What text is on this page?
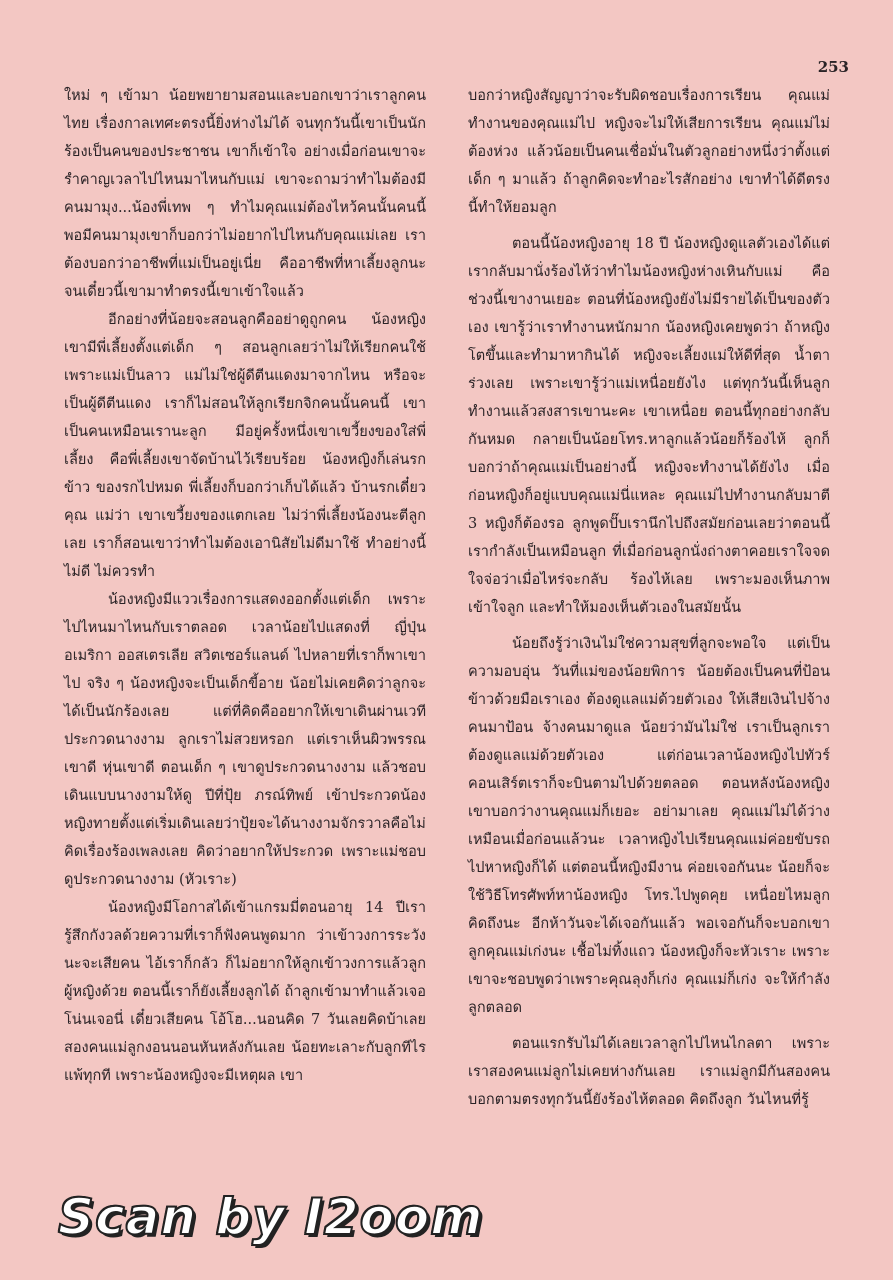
253

ใหม่ ๆ เข้ามา น้อยพยายามสอนและบอกเขาว่าเราลูกคนไทย เรื่องกาลเทศะตรงนี้ยิ่งห่างไม่ได้ จนทุกวันนี้เขาเป็นนักร้องเป็นคนของประชาชน เขาก็เข้าใจ อย่างเมื่อก่อนเขาจะรำคาญเวลาไปไหนมาไหนกับแม่ เขาจะถามว่าทำไมต้องมีคนมามุง...น้องพี่เทพ ๆ ทำไมคุณแม่ต้องไหว้คนนั้นคนนี้ พอมีคนมามุงเขาก็บอกว่าไม่อยากไปไหนกับคุณแม่เลย เราต้องบอกว่าอาชีพที่แม่เป็นอยู่เนี่ย คืออาชีพที่หาเลี้ยงลูกนะ จนเดี๋ยวนี้เขามาทำตรงนี้เขาเข้าใจแล้ว

อีกอย่างที่น้อยจะสอนลูกคืออย่าดูถูกคน น้องหญิงเขามีพี่เลี้ยงตั้งแต่เด็ก ๆ สอนลูกเลยว่าไม่ให้เรียกคนใช้เพราะแม่เป็นลาว แม่ไม่ใช่ผู้ดีตีนแดงมาจากไหน หรือจะเป็นผู้ดีตีนแดง เราก็ไม่สอนให้ลูกเรียกจิกคนนั้นคนนี้ เขาเป็นคนเหมือนเรานะลูก มีอยู่ครั้งหนึ่งเขาเขวี้ยงของใส่พี่เลี้ยง คือพี่เลี้ยงเขาจัดบ้านไว้เรียบร้อย น้องหญิงก็เล่นรกข้าว ของรกไปหมด พี่เลี้ยงก็บอกว่าเก็บได้แล้ว บ้านรกเดี๋ยวคุณ แม่ว่า เขาเขวี้ยงของแตกเลย ไม่ว่าพี่เลี้ยงน้องนะตีลูกเลย เราก็สอนเขาว่าทำไมต้องเอานิสัยไม่ดีมาใช้ ทำอย่างนี้ไม่ดี ไม่ควรทำ

น้องหญิงมีแววเรื่องการแสดงออกตั้งแต่เด็ก เพราะไปไหนมาไหนกับเราตลอด เวลาน้อยไปแสดงที่ ญี่ปุ่น อเมริกา ออสเตรเลีย สวิตเซอร์แลนด์ ไปหลายที่เราก็พาเขาไป จริง ๆ น้องหญิงจะเป็นเด็กขี้อาย น้อยไม่เคยคิดว่าลูกจะได้เป็นนักร้องเลย แต่ที่คิดคืออยากให้เขาเดินผ่านเวทีประกวดนางงาม ลูกเราไม่สวยหรอก แต่เราเห็นผิวพรรณเขาดี หุ่นเขาดี ตอนเด็ก ๆ เขาดูประกวดนางงาม แล้วชอบเดินแบบนางงามให้ดู ปีที่ปุ้ย ภรณ์ทิพย์ เข้าประกวดน้องหญิงทายตั้งแต่เริ่มเดินเลยว่าปุ้ยจะได้นางงามจักรวาลคือไม่คิดเรื่องร้องเพลงเลย คิดว่าอยากให้ประกวด เพราะแม่ชอบดูประกวดนางงาม (หัวเราะ)

น้องหญิงมีโอกาสได้เข้าแกรมมี่ตอนอายุ 14 ปีเรารู้สึกกังวลด้วยความที่เราก็ฟังคนพูดมาก ว่าเข้าวงการระวังนะจะเสียคน ไอ้เราก็กลัว ก็ไม่อยากให้ลูกเข้าวงการแล้วลูกผู้หญิงด้วย ตอนนี้เราก็ยังเลี้ยงลูกได้ ถ้าลูกเข้ามาทำแล้วเจอโน่นเจอนี่ เดี๋ยวเสียคน โอ้โฮ...นอนคิด 7 วันเลยคิดบ้าเลย สองคนแม่ลูกงอนนอนหันหลังกันเลย น้อยทะเลาะกับลูกทีไรแพ้ทุกที เพราะน้องหญิงจะมีเหตุผล เขา

บอกว่าหญิงสัญญาว่าจะรับผิดชอบเรื่องการเรียน คุณแม่ทำงานของคุณแม่ไป หญิงจะไม่ให้เสียการเรียน คุณแม่ไม่ต้องห่วง แล้วน้อยเป็นคนเชื่อมั่นในตัวลูกอย่างหนึ่งว่าตั้งแต่เด็ก ๆ มาแล้ว ถ้าลูกคิดจะทำอะไรสักอย่าง เขาทำได้ดีตรงนี้ทำให้ยอมลูก

ตอนนี้น้องหญิงอายุ 18 ปี น้องหญิงดูแลตัวเองได้แต่เรากลับมานั่งร้องไห้ว่าทำไมน้องหญิงห่างเหินกับแม่ คือช่วงนี้เขางานเยอะ ตอนที่น้องหญิงยังไม่มีรายได้เป็นของตัวเอง เขารู้ว่าเราทำงานหนักมาก น้องหญิงเคยพูดว่า ถ้าหญิงโตขึ้นและทำมาหากินได้ หญิงจะเลี้ยงแม่ให้ดีที่สุด น้ำตาร่วงเลย เพราะเขารู้ว่าแม่เหนื่อยยังไง แต่ทุกวันนี้เห็นลูกทำงานแล้วสงสารเขานะคะ เขาเหนื่อย ตอนนี้ทุกอย่างกลับกันหมด กลายเป็นน้อยโทร.หาลูกแล้วน้อยก็ร้องไห้ ลูกก็บอกว่าถ้าคุณแม่เป็นอย่างนี้ หญิงจะทำงานได้ยังไง เมื่อก่อนหญิงก็อยู่แบบคุณแม่นี่แหละ คุณแม่ไปทำงานกลับมาตี 3 หญิงก็ต้องรอ ลูกพูดปั๊บเรานึกไปถึงสมัยก่อนเลยว่าตอนนี้เรากำลังเป็นเหมือนลูก ที่เมื่อก่อนลูกนั่งถ่างตาคอยเราใจจดใจจ่อว่าเมื่อไหร่จะกลับ ร้องไห้เลย เพราะมองเห็นภาพเข้าใจลูก และทำให้มองเห็นตัวเองในสมัยนั้น

น้อยถึงรู้ว่าเงินไม่ใช่ความสุขที่ลูกจะพอใจ แต่เป็นความอบอุ่น วันที่แม่ของน้อยพิการ น้อยต้องเป็นคนที่ป้อนข้าวด้วยมือเราเอง ต้องดูแลแม่ด้วยตัวเอง ให้เสียเงินไปจ้างคนมาป้อน จ้างคนมาดูแล น้อยว่ามันไม่ใช่ เราเป็นลูกเราต้องดูแลแม่ด้วยตัวเอง แต่ก่อนเวลาน้องหญิงไปทัวร์คอนเสิร์ตเราก็จะบินตามไปด้วยตลอด ตอนหลังน้องหญิงเขาบอกว่างานคุณแม่ก็เยอะ อย่ามาเลย คุณแม่ไม่ได้ว่างเหมือนเมื่อก่อนแล้วนะ เวลาหญิงไปเรียนคุณแม่ค่อยขับรถไปหาหญิงก็ได้ แต่ตอนนี้หญิงมีงาน ค่อยเจอกันนะ น้อยก็จะใช้วิธีโทรศัพท์หาน้องหญิง โทร.ไปพูดคุย เหนื่อยไหมลูก คิดถึงนะ อีกห้าวันจะได้เจอกันแล้ว พอเจอกันก็จะบอกเขา ลูกคุณแม่เก่งนะ เชื้อไม่ทิ้งแถว น้องหญิงก็จะหัวเราะ เพราะเขาจะชอบพูดว่าเพราะคุณลุงก็เก่ง คุณแม่ก็เก่ง จะให้กำลังลูกตลอด

ตอนแรกรับไม่ได้เลยเวลาลูกไปไหนไกลตา เพราะเราสองคนแม่ลูกไม่เคยห่างกันเลย เราแม่ลูกมีกันสองคนบอกตามตรงทุกวันนี้ยังร้องไห้ตลอด คิดถึงลูก วันไหนที่รู้

Scan by I2oom
